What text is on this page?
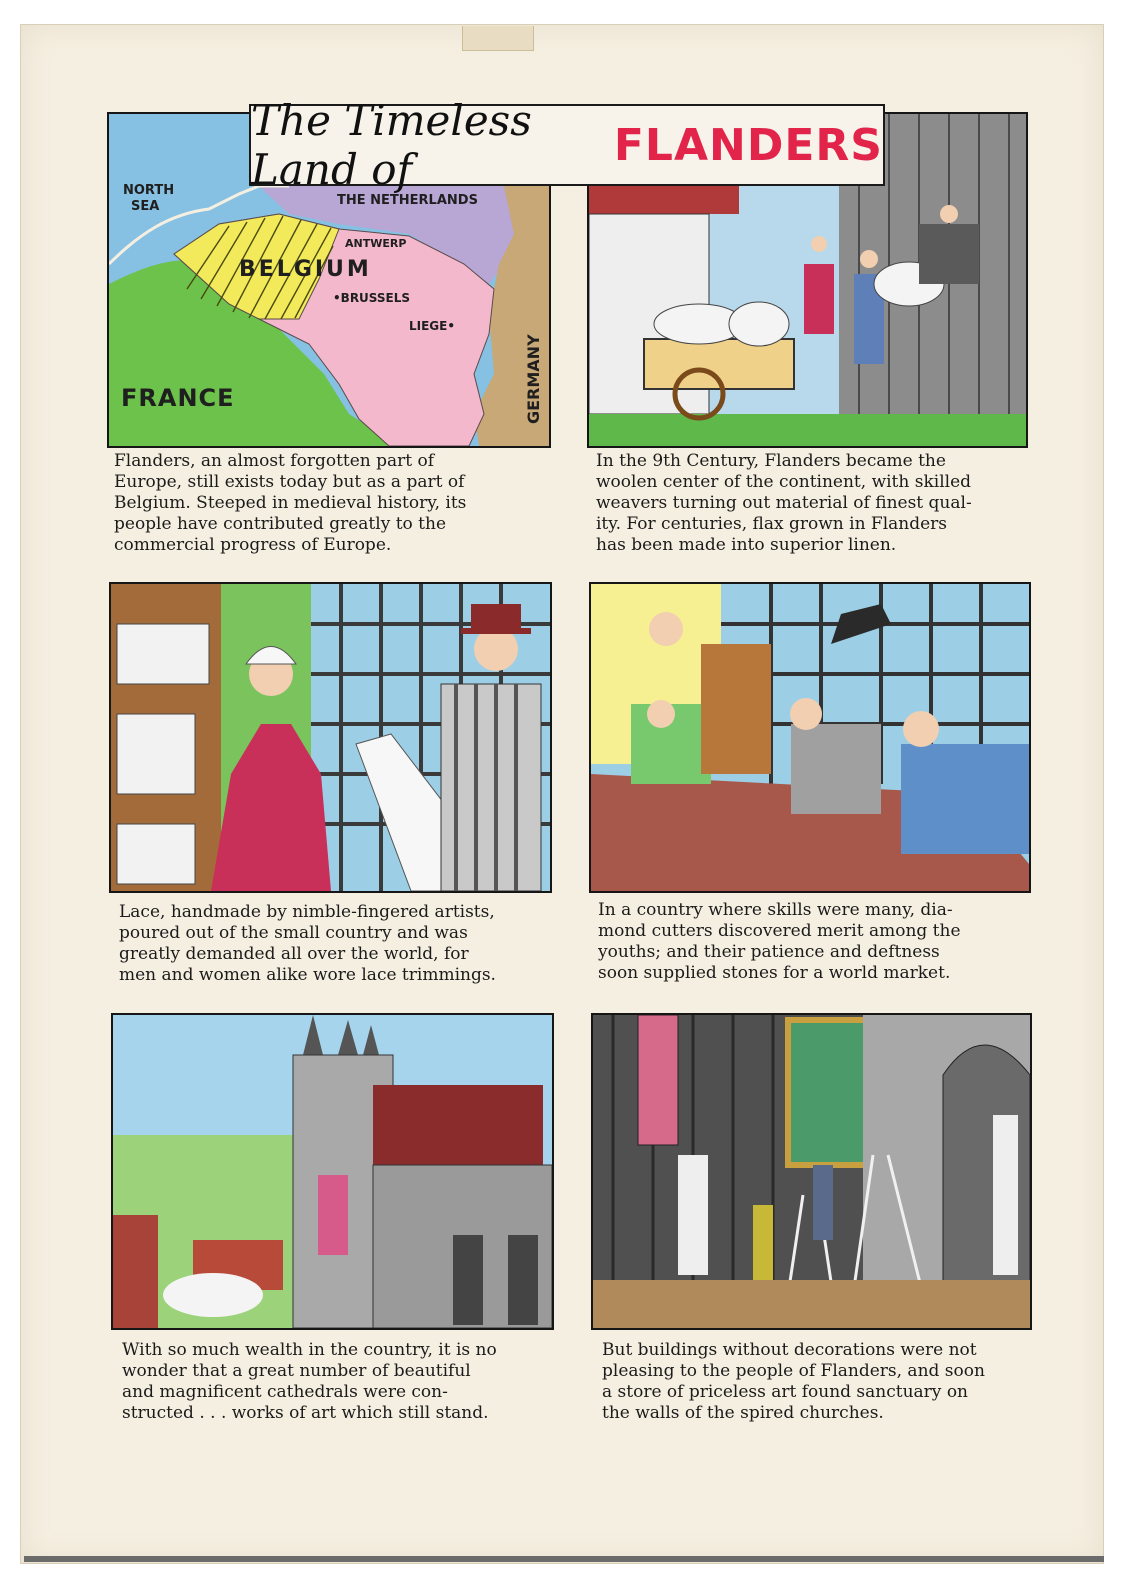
The Timeless Land of	FLANDERS
NORTH
SEA	THE NETHERLANDS
ANTWERP
BELGIUM
•BRUSSELS
LIEGE•
FRANCE	GERMANY
Flanders, an almost forgotten part of
Europe, still exists today but as a part of
Belgium. Steeped in medieval history, its
people have contributed greatly to the
commercial progress of Europe.
In the 9th Century, Flanders became the
woolen center of the continent, with skilled
weavers turning out material of finest qual-
ity. For centuries, flax grown in Flanders
has been made into superior linen.
Lace, handmade by nimble-fingered artists,
poured out of the small country and was
greatly demanded all over the world, for
men and women alike wore lace trimmings.
In a country where skills were many, dia-
mond cutters discovered merit among the
youths; and their patience and deftness
soon supplied stones for a world market.
With so much wealth in the country, it is no
wonder that a great number of beautiful
and magnificent cathedrals were con-
structed . . . works of art which still stand.
But buildings without decorations were not
pleasing to the people of Flanders, and soon
a store of priceless art found sanctuary on
the walls of the spired churches.
